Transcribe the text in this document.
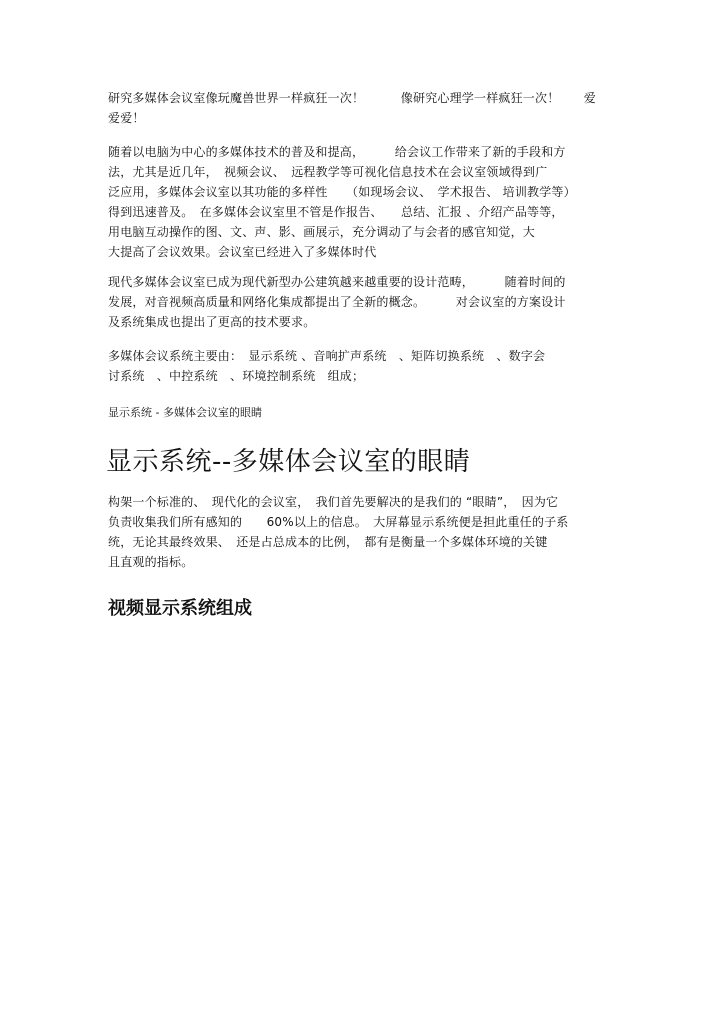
研究多媒体会议室像玩魔兽世界一样疯狂一次！　　　像研究心理学一样疯狂一次！　　爱
爱爱！
随着以电脑为中心的多媒体技术的普及和提高，　　　给会议工作带来了新的手段和方
法，尤其是近几年，　视频会议、　远程教学等可视化信息技术在会议室领域得到广
泛应用，多媒体会议室以其功能的多样性　　（如现场会议、　学术报告、 培训教学等）
得到迅速普及。　在多媒体会议室里不管是作报告、　　总结、汇报 、介绍产品等等，
用电脑互动操作的图、文、声、影、画展示，充分调动了与会者的感官知觉，大
大提高了会议效果。会议室已经进入了多媒体时代
现代多媒体会议室已成为现代新型办公建筑越来越重要的设计范畴，　　　随着时间的
发展，对音视频高质量和网络化集成都提出了全新的概念。　　　对会议室的方案设计
及系统集成也提出了更高的技术要求。
多媒体会议系统主要由：　显示系统 、音响扩声系统　、矩阵切换系统　、数字会
讨系统　、中控系统　、环境控制系统　组成；
显示系统 - 多媒体会议室的眼睛
显示系统--多媒体会议室的眼睛
构架一个标准的、　现代化的会议室，　我们首先要解决的是我们的 “眼睛”，　因为它
负责收集我们所有感知的　　60%以上的信息。　大屏幕显示系统便是担此重任的子系
统，无论其最终效果、　还是占总成本的比例，　都有是衡量一个多媒体环境的关键
且直观的指标。
视频显示系统组成
